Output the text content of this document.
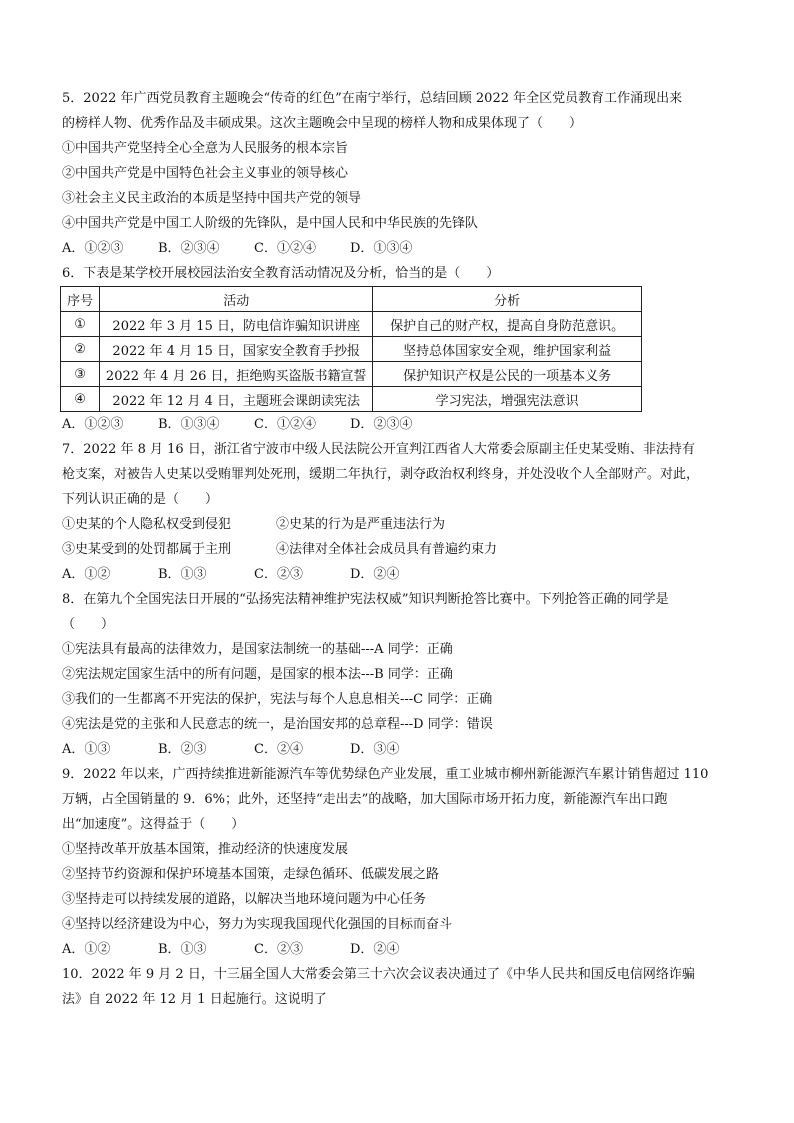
5．2022 年广西党员教育主题晚会“传奇的红色”在南宁举行，总结回顾 2022 年全区党员教育工作涌现出来
的榜样人物、优秀作品及丰硕成果。这次主题晚会中呈现的榜样人物和成果体现了（　　）
①中国共产党坚持全心全意为人民服务的根本宗旨
②中国共产党是中国特色社会主义事业的领导核心
③社会主义民主政治的本质是坚持中国共产党的领导
④中国共产党是中国工人阶级的先锋队，是中国人民和中华民族的先锋队
A．①②③	B．②③④	C．①②④	D．①③④
6．下表是某学校开展校园法治安全教育活动情况及分析，恰当的是（　　）
序号	活动	分析
①	2022 年 3 月 15 日，防电信诈骗知识讲座	保护自己的财产权，提高自身防范意识。
②	2022 年 4 月 15 日，国家安全教育手抄报	坚持总体国家安全观，维护国家利益
③	2022 年 4 月 26 日，拒绝购买盗版书籍宣誓	保护知识产权是公民的一项基本义务
④	2022 年 12 月 4 日，主题班会课朗读宪法	学习宪法，增强宪法意识
A．①②③	B．①③④	C．①②④	D．②③④
7．2022 年 8 月 16 日，浙江省宁波市中级人民法院公开宣判江西省人大常委会原副主任史某受贿、非法持有
枪支案，对被告人史某以受贿罪判处死刑，缓期二年执行，剥夺政治权利终身，并处没收个人全部财产。对此，
下列认识正确的是（　　）
①史某的个人隐私权受到侵犯	②史某的行为是严重违法行为
③史某受到的处罚都属于主刑	④法律对全体社会成员具有普遍约束力
A．①②	B．①③	C．②③	D．②④
8．在第九个全国宪法日开展的“弘扬宪法精神维护宪法权威”知识判断抢答比赛中。下列抢答正确的同学是
（　　）
①宪法具有最高的法律效力，是国家法制统一的基础---A 同学：正确
②宪法规定国家生活中的所有问题，是国家的根本法---B 同学：正确
③我们的一生都离不开宪法的保护，宪法与每个人息息相关---C 同学：正确
④宪法是党的主张和人民意志的统一，是治国安邦的总章程---D 同学：错误
A．①③	B．②③	C．②④	D．③④
9．2022 年以来，广西持续推进新能源汽车等优势绿色产业发展，重工业城市柳州新能源汽车累计销售超过 110
万辆，占全国销量的 9．6%；此外，还坚持“走出去”的战略，加大国际市场开拓力度，新能源汽车出口跑
出“加速度”。这得益于（　　）
①坚持改革开放基本国策，推动经济的快速度发展
②坚持节约资源和保护环境基本国策，走绿色循环、低碳发展之路
③坚持走可以持续发展的道路，以解决当地环境问题为中心任务
④坚持以经济建设为中心，努力为实现我国现代化强国的目标而奋斗
A．①②	B．①③	C．②③	D．②④
10．2022 年 9 月 2 日，十三届全国人大常委会第三十六次会议表决通过了《中华人民共和国反电信网络诈骗
法》自 2022 年 12 月 1 日起施行。这说明了
